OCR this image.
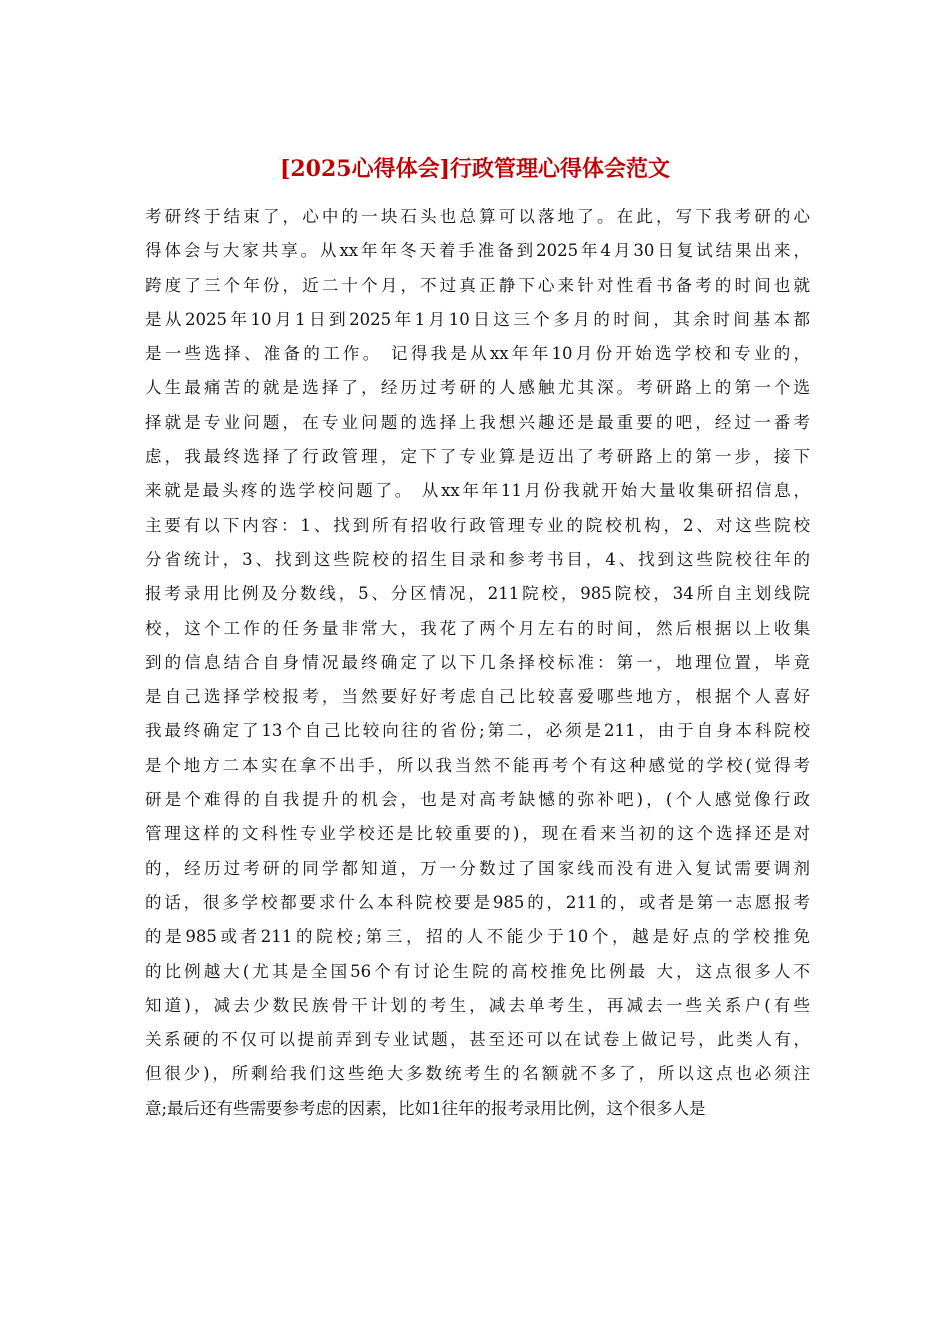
[2025心得体会]行政管理心得体会范文
考研终于结束了，心中的一块石头也总算可以落地了。在此，写下我考研的心
得体会与大家共享。从xx年年冬天着手准备到2025年4月30日复试结果出来，
跨度了三个年份，近二十个月，不过真正静下心来针对性看书备考的时间也就
是从2025年10月1日到2025年1月10日这三个多月的时间，其余时间基本都
是一些选择、准备的工作。 记得我是从xx年年10月份开始选学校和专业的，
人生最痛苦的就是选择了，经历过考研的人感触尤其深。考研路上的第一个选
择就是专业问题，在专业问题的选择上我想兴趣还是最重要的吧，经过一番考
虑，我最终选择了行政管理，定下了专业算是迈出了考研路上的第一步，接下
来就是最头疼的选学校问题了。 从xx年年11月份我就开始大量收集研招信息，
主要有以下内容：1、找到所有招收行政管理专业的院校机构，2、对这些院校
分省统计，3、找到这些院校的招生目录和参考书目，4、找到这些院校往年的
报考录用比例及分数线，5、分区情况，211院校，985院校，34所自主划线院
校，这个工作的任务量非常大，我花了两个月左右的时间，然后根据以上收集
到的信息结合自身情况最终确定了以下几条择校标准：第一，地理位置，毕竟
是自己选择学校报考，当然要好好考虑自己比较喜爱哪些地方，根据个人喜好
我最终确定了13个自己比较向往的省份;第二，必须是211，由于自身本科院校
是个地方二本实在拿不出手，所以我当然不能再考个有这种感觉的学校(觉得考
研是个难得的自我提升的机会，也是对高考缺憾的弥补吧)，(个人感觉像行政
管理这样的文科性专业学校还是比较重要的)，现在看来当初的这个选择还是对
的，经历过考研的同学都知道，万一分数过了国家线而没有进入复试需要调剂
的话，很多学校都要求什么本科院校要是985的，211的，或者是第一志愿报考
的是985或者211的院校;第三，招的人不能少于10个，越是好点的学校推免
的比例越大(尤其是全国56个有讨论生院的高校推免比例最 大，这点很多人不
知道)，减去少数民族骨干计划的考生，减去单考生，再减去一些关系户(有些
关系硬的不仅可以提前弄到专业试题，甚至还可以在试卷上做记号，此类人有，
但很少)，所剩给我们这些绝大多数统考生的名额就不多了，所以这点也必须注
意;最后还有些需要参考虑的因素，比如1往年的报考录用比例，这个很多人是
